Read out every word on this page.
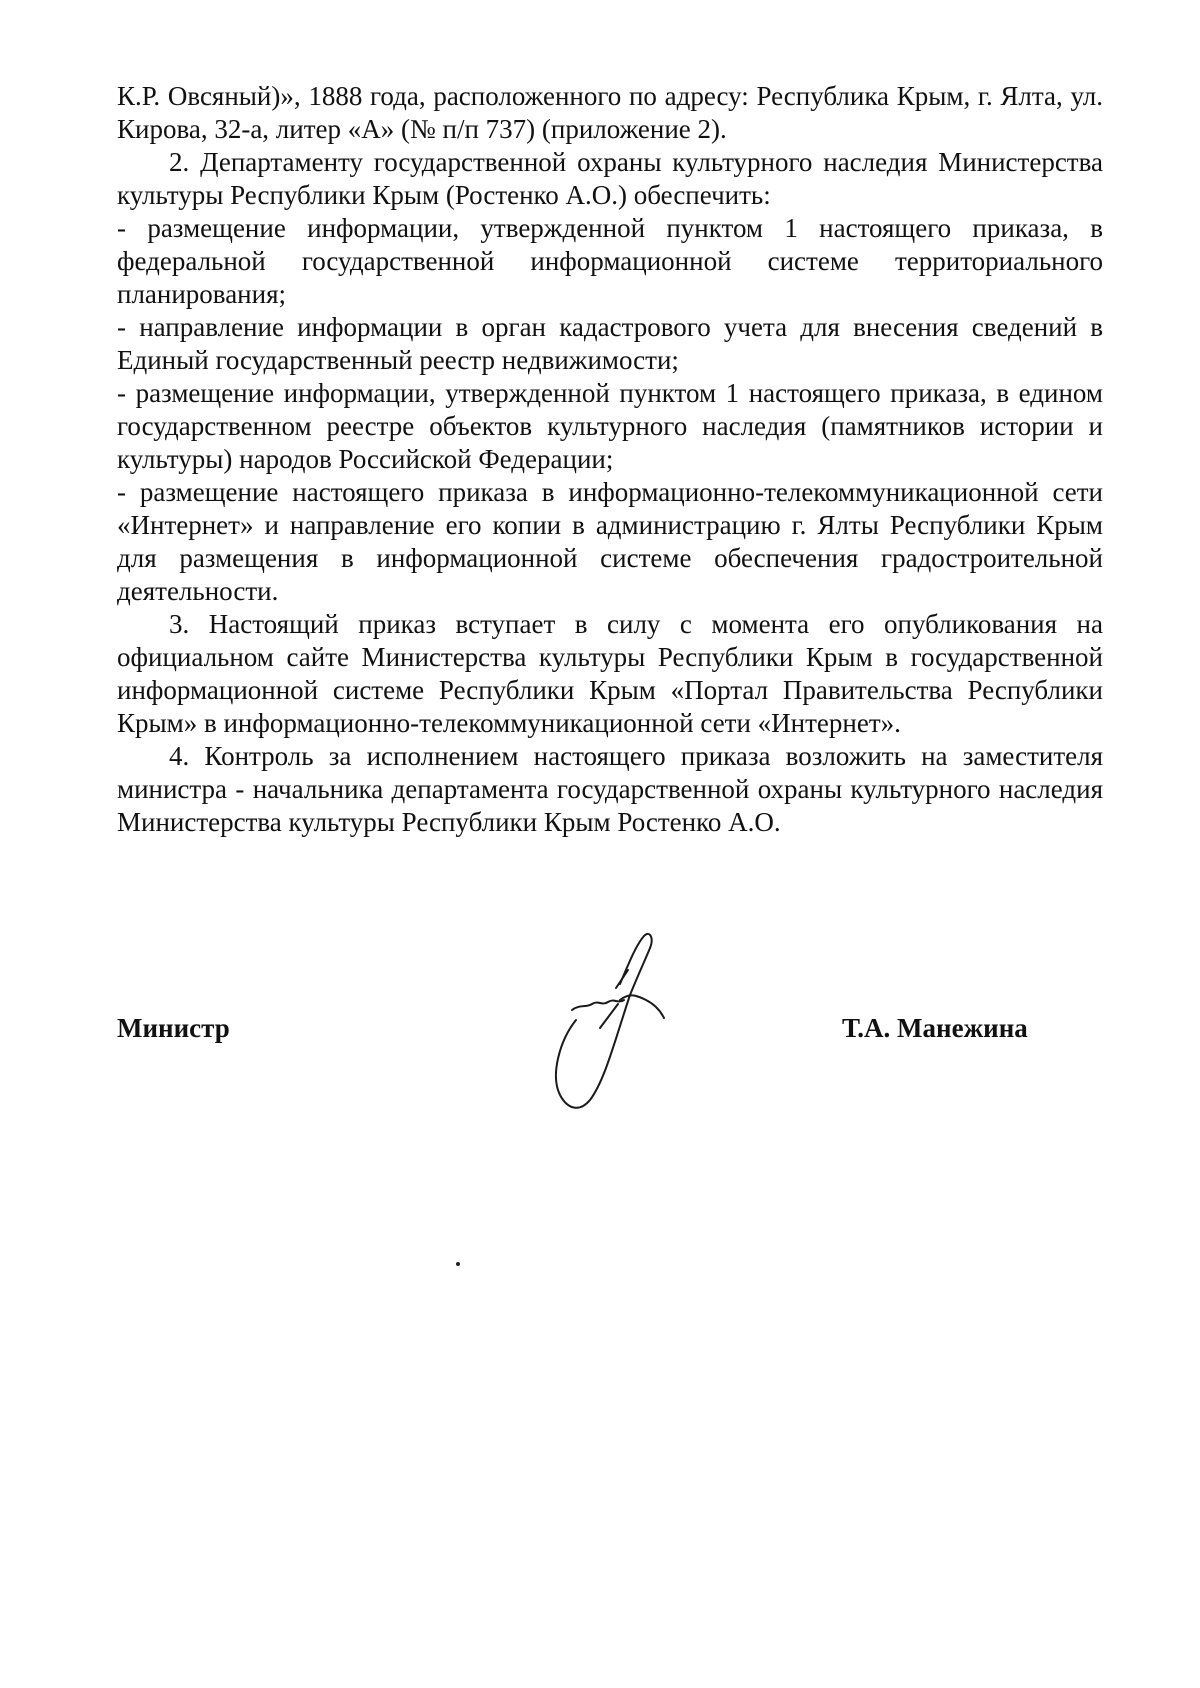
К.Р. Овсяный)», 1888 года, расположенного по адресу: Республика Крым, г. Ялта, ул. Кирова, 32-а, литер «А» (№ п/п 737) (приложение 2).

2. Департаменту государственной охраны культурного наследия Министерства культуры Республики Крым (Ростенко А.О.) обеспечить:

- размещение информации, утвержденной пунктом 1 настоящего приказа, в федеральной государственной информационной системе территориального планирования;

- направление информации в орган кадастрового учета для внесения сведений в Единый государственный реестр недвижимости;

- размещение информации, утвержденной пунктом 1 настоящего приказа, в едином государственном реестре объектов культурного наследия (памятников истории и культуры) народов Российской Федерации;

- размещение настоящего приказа в информационно-телекоммуникационной сети «Интернет» и направление его копии в администрацию г. Ялты Республики Крым для размещения в информационной системе обеспечения градостроительной деятельности.

3. Настоящий приказ вступает в силу с момента его опубликования на официальном сайте Министерства культуры Республики Крым в государственной информационной системе Республики Крым «Портал Правительства Республики Крым» в информационно-телекоммуникационной сети «Интернет».

4. Контроль за исполнением настоящего приказа возложить на заместителя министра - начальника департамента государственной охраны культурного наследия Министерства культуры Республики Крым Ростенко А.О.

Министр	Т.А. Манежина
